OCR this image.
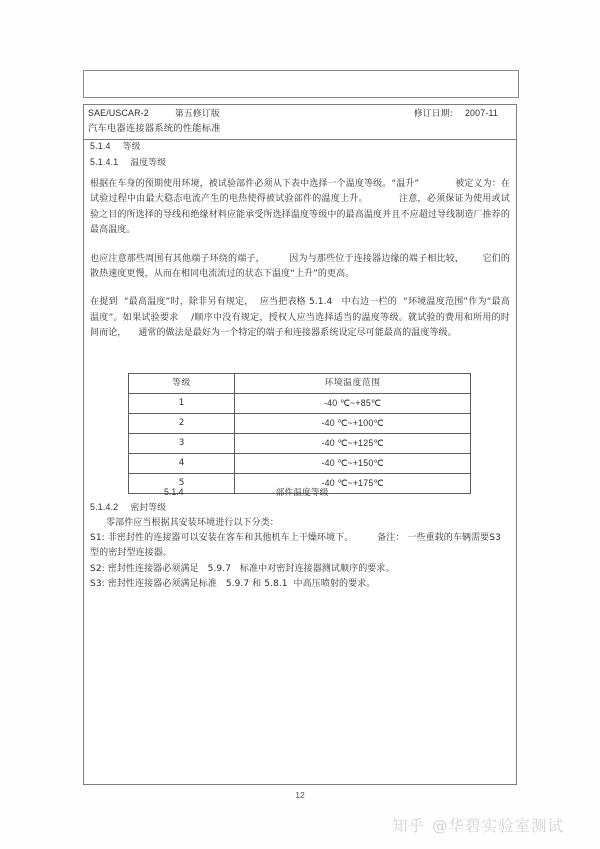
SAE/USCAR-2	第五修订版	修订日期: 2007-11
汽车电器连接器系统的性能标准
5.1.4 等级
5.1.4.1 温度等级

根据在车身的预期使用环境，被试验部件必须从下表中选择一个温度等级。“温升”            被定义为：在试验过程中由最大稳态电流产生的电热使得被试验部件的温度上升。          注意，必须保证为使用或试验之目的所选择的导线和绝缘材料应能承受所选择温度等级中的最高温度并且不应超过导线制造厂推荐的最高温度。

也应注意那些周围有其他端子环绕的端子，        因为与那些位于连接器边缘的端子相比较，      它们的散热速度更慢，从而在相同电流流过的状态下温度“上升”的更高。

在提到  “最高温度”时，除非另有规定，  应当把表格 5.1.4   中右边一栏的  “环境温度范围”作为“最高温度”。如果试验要求    /顺序中没有规定，授权人应当选择适当的温度等级。就试验的费用和所用的时间而论，    通常的做法是最好为一个特定的端子和连接器系统设定尽可能最高的温度等级。

等级	环境温度范围
1	-40 ℃~+85℃
2	-40 ℃~+100℃
3	-40 ℃~+125℃
4	-40 ℃~+150℃
5	-40 ℃~+175℃
5.1.4	部件温度等级
5.1.4.2 密封等级

零部件应当根据其安装环境进行以下分类：

S1: 非密封性的连接器可以安装在客车和其他机车上干燥环境下。        备注： 一些重载的车辆需要S3型的密封型连接器。

S2: 密封性连接器必须满足   5.9.7   标准中对密封连接器测试顺序的要求。

S3: 密封性连接器必须满足标准   5.9.7 和 5.8.1  中高压喷射的要求。

12
知乎 @华碧实验室测试
